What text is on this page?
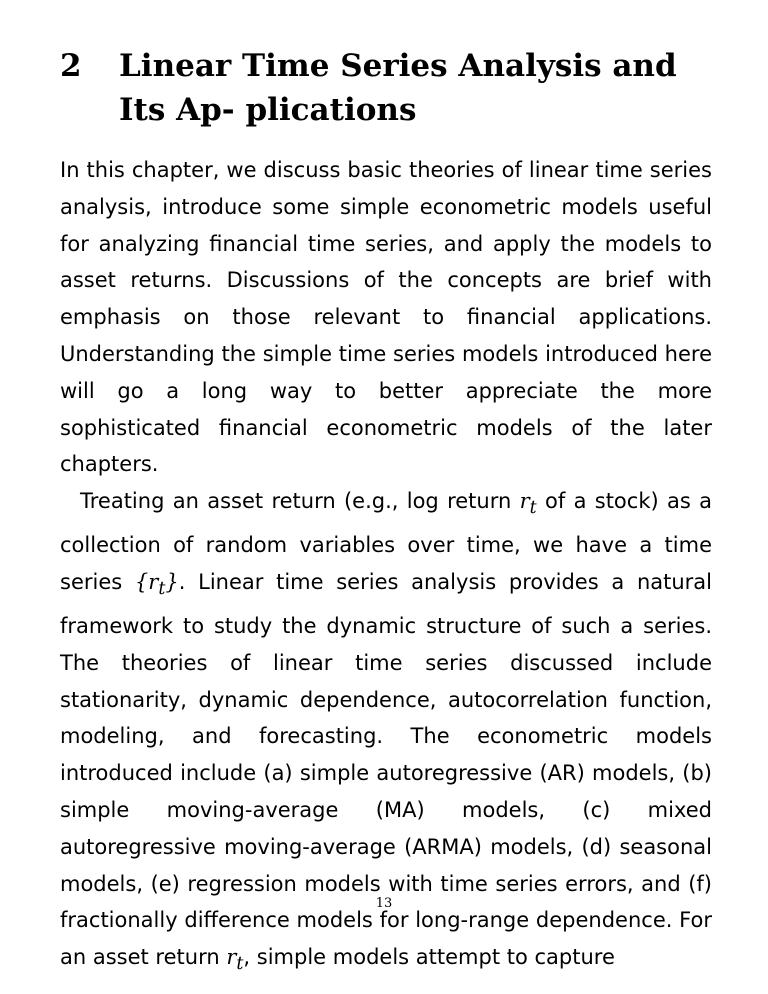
2 Linear Time Series Analysis and Its Ap- plications

In this chapter, we discuss basic theories of linear time series analysis, introduce some simple econometric models useful for analyzing financial time series, and apply the models to asset returns. Discussions of the concepts are brief with emphasis on those relevant to financial applications. Understanding the simple time series models introduced here will go a long way to better appreciate the more sophisticated financial econometric models of the later chapters.

Treating an asset return (e.g., log return $r_t$ of a stock) as a collection of random variables over time, we have a time series $\{r_t\}$. Linear time series analysis provides a natural framework to study the dynamic structure of such a series. The theories of linear time series discussed include stationarity, dynamic dependence, autocorrelation function, modeling, and forecasting. The econometric models introduced include (a) simple autoregressive (AR) models, (b) simple moving-average (MA) models, (c) mixed autoregressive moving-average (ARMA) models, (d) seasonal models, (e) regression models with time series errors, and (f) fractionally difference models for long-range dependence. For an asset return $r_t$, simple models attempt to capture

13
